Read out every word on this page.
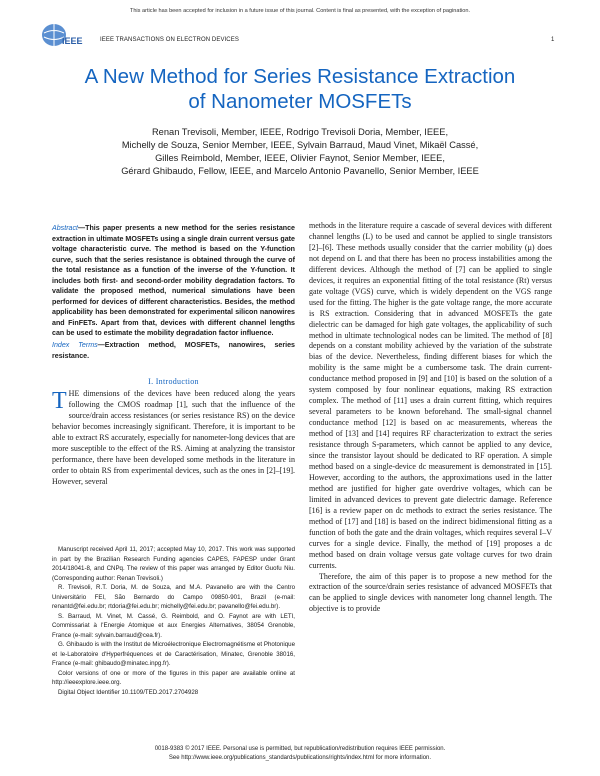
This article has been accepted for inclusion in a future issue of this journal. Content is final as presented, with the exception of pagination.
IEEE	IEEE TRANSACTIONS ON ELECTRON DEVICES	1
A New Method for Series Resistance Extraction
of Nanometer MOSFETs
Renan Trevisoli, Member, IEEE, Rodrigo Trevisoli Doria, Member, IEEE,
Michelly de Souza, Senior Member, IEEE, Sylvain Barraud, Maud Vinet, Mikaël Cassé,
Gilles Reimbold, Member, IEEE, Olivier Faynot, Senior Member, IEEE,
Gérard Ghibaudo, Fellow, IEEE, and Marcelo Antonio Pavanello, Senior Member, IEEE
Abstract—This paper presents a new method for the series resistance extraction in ultimate MOSFETs using a single drain current versus gate voltage characteristic curve. The method is based on the Y-function curve, such that the series resistance is obtained through the curve of the total resistance as a function of the inverse of the Y-function. It includes both first- and second-order mobility degradation factors. To validate the proposed method, numerical simulations have been performed for devices of different characteristics. Besides, the method applicability has been demonstrated for experimental silicon nanowires and FinFETs. Apart from that, devices with different channel lengths can be used to estimate the mobility degradation factor influence.
Index Terms—Extraction method, MOSFETs, nanowires, series resistance.
I. Introduction
THE dimensions of the devices have been reduced along the years following the CMOS roadmap [1], such that the influence of the source/drain access resistances (or series resistance RS) on the device behavior becomes increasingly significant. Therefore, it is important to be able to extract RS accurately, especially for nanometer-long devices that are more susceptible to the effect of the RS. Aiming at analyzing the transistor performance, there have been developed some methods in the literature in order to obtain RS from experimental devices, such as the ones in [2]–[19]. However, several

Manuscript received April 11, 2017; accepted May 10, 2017. This work was supported in part by the Brazilian Research Funding agencies CAPES, FAPESP under Grant 2014/18041-8, and CNPq. The review of this paper was arranged by Editor Guofu Niu. (Corresponding author: Renan Trevisoli.)

R. Trevisoli, R.T. Doria, M. de Souza, and M.A. Pavanello are with the Centro Universitário FEI, São Bernardo do Campo 09850-901, Brazil (e-mail: renantd@fei.edu.br; rtdoria@fei.edu.br; michelly@fei.edu.br; pavanello@fei.edu.br).

S. Barraud, M. Vinet, M. Cassé, G. Reimbold, and O. Faynot are with LETI, Commissariat à l'Energie Atomique et aux Energies Alternatives, 38054 Grenoble, France (e-mail: sylvain.barraud@cea.fr).

G. Ghibaudo is with the Institut de Microélectronique Electromagnétisme et Photonique et le-Laboratoire d'Hyperfréquences et de Caractérisation, Minatec, Grenoble 38016, France (e-mail: ghibaudo@minatec.inpg.fr).

Color versions of one or more of the figures in this paper are available online at http://ieeexplore.ieee.org.

Digital Object Identifier 10.1109/TED.2017.2704928

methods in the literature require a cascade of several devices with different channel lengths (L) to be used and cannot be applied to single transistors [2]–[6]. These methods usually consider that the carrier mobility (μ) does not depend on L and that there has been no process instabilities among the different devices. Although the method of [7] can be applied to single devices, it requires an exponential fitting of the total resistance (Rt) versus gate voltage (VGS) curve, which is widely dependent on the VGS range used for the fitting. The higher is the gate voltage range, the more accurate is RS extraction. Considering that in advanced MOSFETs the gate dielectric can be damaged for high gate voltages, the applicability of such method in ultimate technological nodes can be limited. The method of [8] depends on a constant mobility achieved by the variation of the substrate bias of the device. Nevertheless, finding different biases for which the mobility is the same might be a cumbersome task. The drain current-conductance method proposed in [9] and [10] is based on the solution of a system composed by four nonlinear equations, making RS extraction complex. The method of [11] uses a drain current fitting, which requires several parameters to be known beforehand. The small-signal channel conductance method [12] is based on ac measurements, whereas the method of [13] and [14] requires RF characterization to extract the series resistance through S-parameters, which cannot be applied to any device, since the transistor layout should be dedicated to RF operation. A simple method based on a single-device dc measurement is demonstrated in [15]. However, according to the authors, the approximations used in the latter method are justified for higher gate overdrive voltages, which can be limited in advanced devices to prevent gate dielectric damage. Reference [16] is a review paper on dc methods to extract the series resistance. The method of [17] and [18] is based on the indirect bidimensional fitting as a function of both the gate and the drain voltages, which requires several I–V curves for a single device. Finally, the method of [19] proposes a dc method based on drain voltage versus gate voltage curves for two drain currents.

Therefore, the aim of this paper is to propose a new method for the extraction of the source/drain series resistance of advanced MOSFETs that can be applied to single devices with nanometer long channel length. The objective is to provide

0018-9383 © 2017 IEEE. Personal use is permitted, but republication/redistribution requires IEEE permission.
See http://www.ieee.org/publications_standards/publications/rights/index.html for more information.
